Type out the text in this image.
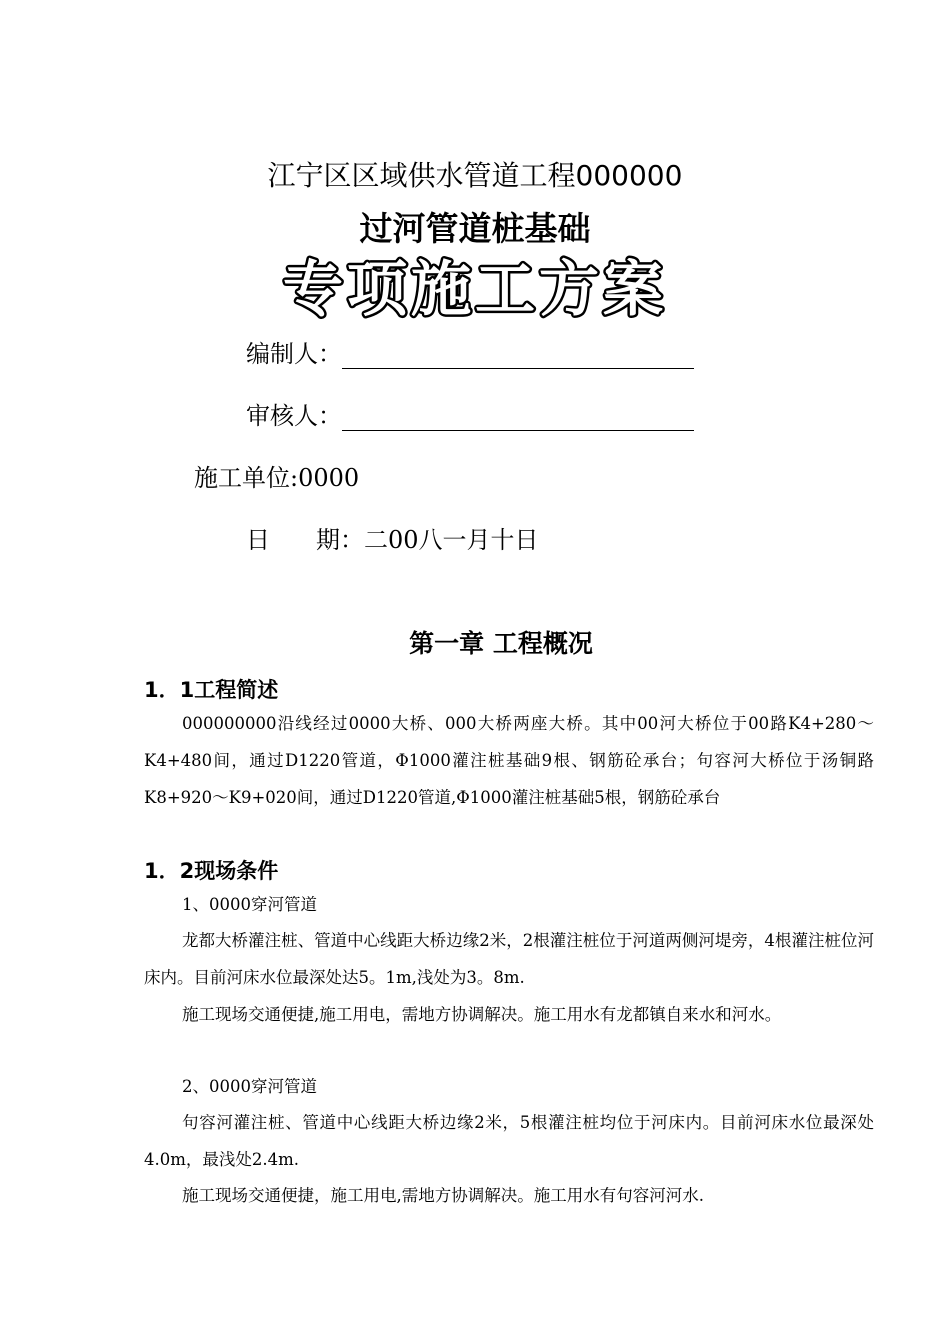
江宁区区域供水管道工程000000
过河管道桩基础
专项施工方案
编制人：
审核人：
施工单位:0000
日 期：二00八一月十日
第一章 工程概况
1．1工程简述
000000000沿线经过0000大桥、000大桥两座大桥。其中00河大桥位于00路K4+280～K4+480间，通过D1220管道，Φ1000灌注桩基础9根、钢筋砼承台；句容河大桥位于汤铜路K8+920～K9+020间，通过D1220管道,Φ1000灌注桩基础5根，钢筋砼承台
1．2现场条件
1、0000穿河管道
龙都大桥灌注桩、管道中心线距大桥边缘2米，2根灌注桩位于河道两侧河堤旁，4根灌注桩位河床内。目前河床水位最深处达5。1m,浅处为3。8m.
施工现场交通便捷,施工用电，需地方协调解决。施工用水有龙都镇自来水和河水。
2、0000穿河管道
句容河灌注桩、管道中心线距大桥边缘2米，5根灌注桩均位于河床内。目前河床水位最深处4.0m，最浅处2.4m.
施工现场交通便捷，施工用电,需地方协调解决。施工用水有句容河河水.
